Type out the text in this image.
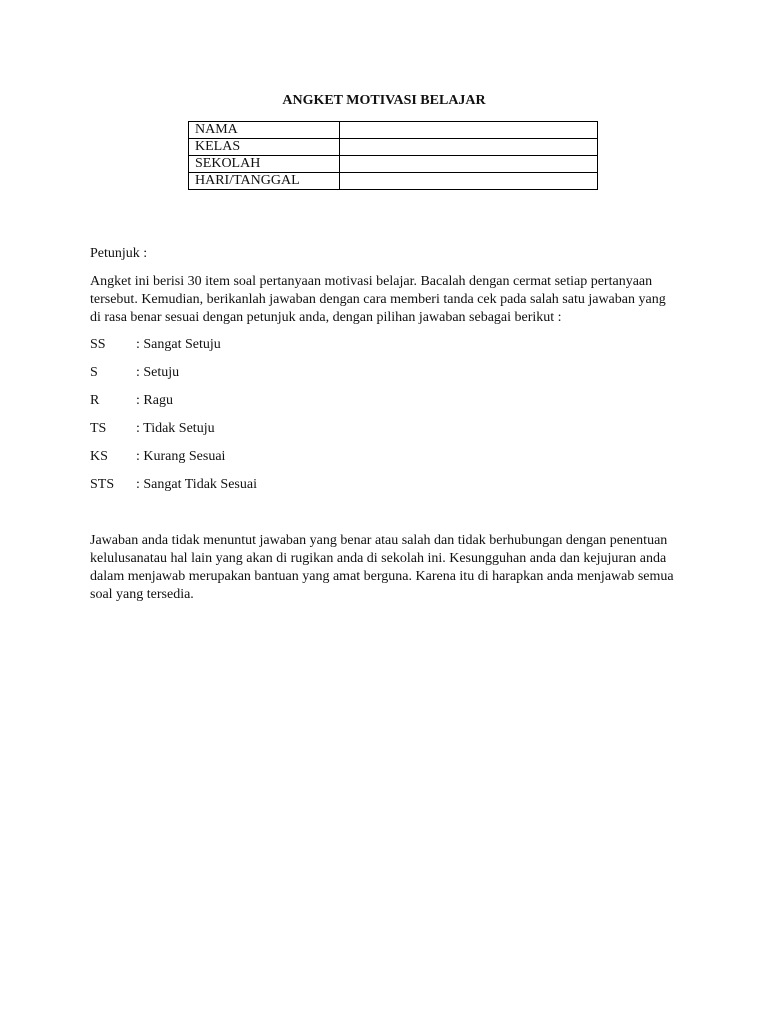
ANGKET MOTIVASI BELAJAR
NAMA	
KELAS	
SEKOLAH	
HARI/TANGGAL	
Petunjuk :
Angket ini berisi 30 item soal pertanyaan motivasi belajar. Bacalah dengan cermat setiap pertanyaan tersebut. Kemudian, berikanlah jawaban dengan cara memberi tanda cek pada salah satu jawaban yang di rasa benar sesuai dengan petunjuk anda, dengan pilihan jawaban sebagai berikut :
SS : Sangat Setuju
S	: Setuju
R	: Ragu
TS : Tidak Setuju
KS : Kurang Sesuai
STS : Sangat Tidak Sesuai
Jawaban anda tidak menuntut jawaban yang benar atau salah dan tidak berhubungan dengan penentuan kelulusanatau hal lain yang akan di rugikan anda di sekolah ini. Kesungguhan anda dan kejujuran anda dalam menjawab merupakan bantuan yang amat berguna. Karena itu di harapkan anda menjawab semua soal yang tersedia.
